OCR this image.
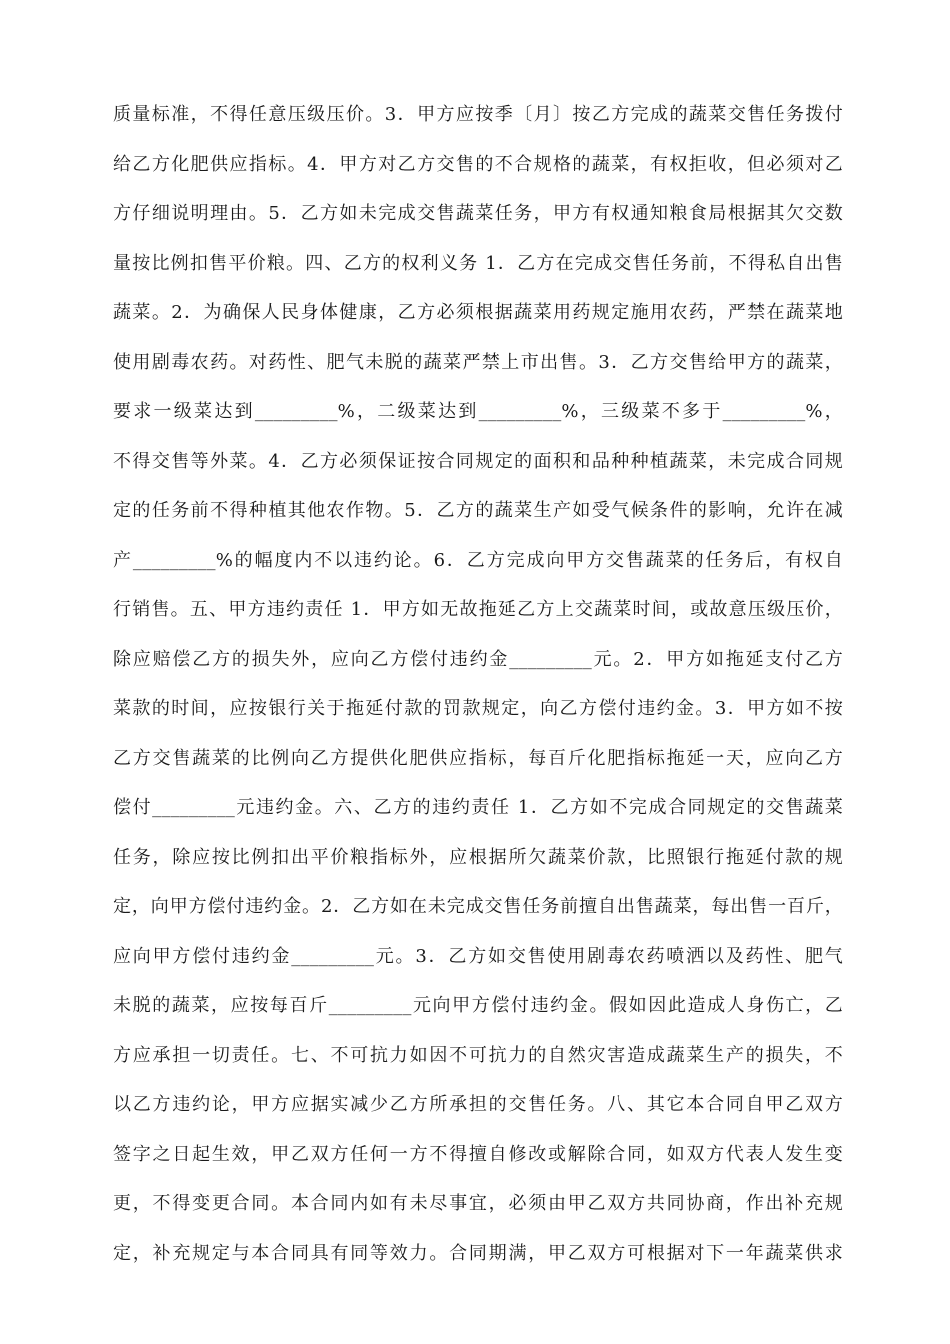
质量标准，不得任意压级压价。3．甲方应按季〔月〕按乙方完成的蔬菜交售任务拨付
给乙方化肥供应指标。4．甲方对乙方交售的不合规格的蔬菜，有权拒收，但必须对乙
方仔细说明理由。5．乙方如未完成交售蔬菜任务，甲方有权通知粮食局根据其欠交数
量按比例扣售平价粮。四、乙方的权利义务 1．乙方在完成交售任务前，不得私自出售
蔬菜。2．为确保人民身体健康，乙方必须根据蔬菜用药规定施用农药，严禁在蔬菜地
使用剧毒农药。对药性、肥气未脱的蔬菜严禁上市出售。3．乙方交售给甲方的蔬菜，
要求一级菜达到_________%，二级菜达到_________%，三级菜不多于_________%，
不得交售等外菜。4．乙方必须保证按合同规定的面积和品种种植蔬菜，未完成合同规
定的任务前不得种植其他农作物。5．乙方的蔬菜生产如受气候条件的影响，允许在减
产_________%的幅度内不以违约论。6．乙方完成向甲方交售蔬菜的任务后，有权自
行销售。五、甲方违约责任 1．甲方如无故拖延乙方上交蔬菜时间，或故意压级压价，
除应赔偿乙方的损失外，应向乙方偿付违约金_________元。2．甲方如拖延支付乙方
菜款的时间，应按银行关于拖延付款的罚款规定，向乙方偿付违约金。3．甲方如不按
乙方交售蔬菜的比例向乙方提供化肥供应指标，每百斤化肥指标拖延一天，应向乙方
偿付_________元违约金。六、乙方的违约责任 1．乙方如不完成合同规定的交售蔬菜
任务，除应按比例扣出平价粮指标外，应根据所欠蔬菜价款，比照银行拖延付款的规
定，向甲方偿付违约金。2．乙方如在未完成交售任务前擅自出售蔬菜，每出售一百斤，
应向甲方偿付违约金_________元。3．乙方如交售使用剧毒农药喷洒以及药性、肥气
未脱的蔬菜，应按每百斤_________元向甲方偿付违约金。假如因此造成人身伤亡，乙
方应承担一切责任。七、不可抗力如因不可抗力的自然灾害造成蔬菜生产的损失，不
以乙方违约论，甲方应据实减少乙方所承担的交售任务。八、其它本合同自甲乙双方
签字之日起生效，甲乙双方任何一方不得擅自修改或解除合同，如双方代表人发生变
更，不得变更合同。本合同内如有未尽事宜，必须由甲乙双方共同协商，作出补充规
定，补充规定与本合同具有同等效力。合同期满，甲乙双方可根据对下一年蔬菜供求
